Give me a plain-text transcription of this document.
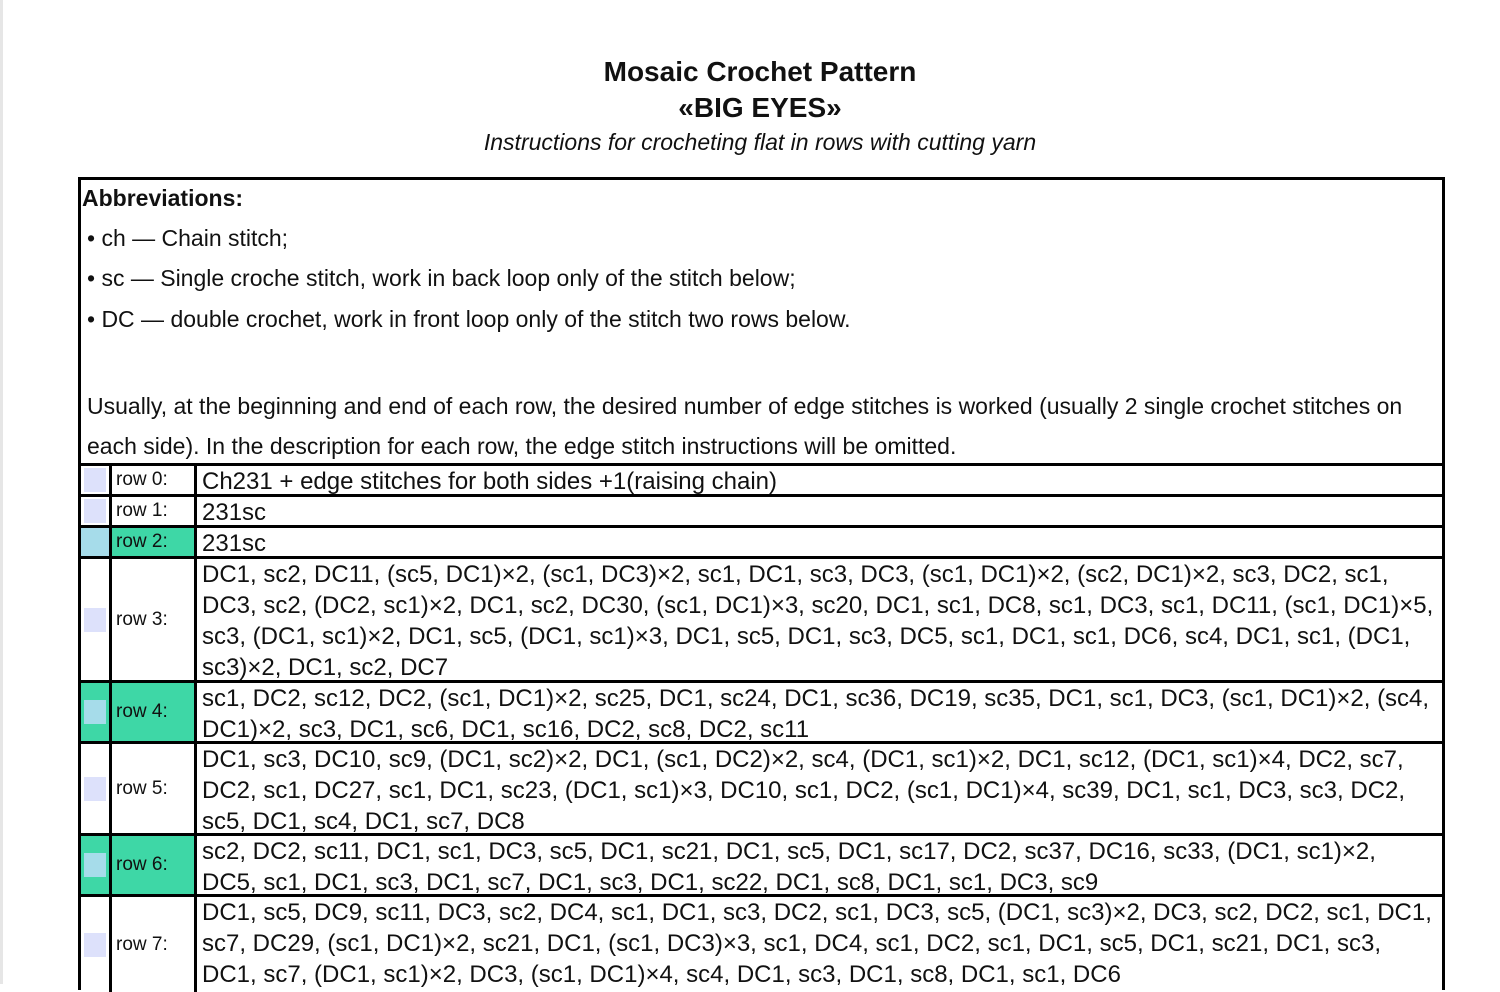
Mosaic Crochet Pattern
«BIG EYES»
Instructions for crocheting flat in rows with cutting yarn
Abbreviations:
• ch — Chain stitch;
• sc — Single croche stitch, work in back loop only of the stitch below;
• DC — double crochet, work in front loop only of the stitch two rows below.
Usually, at the beginning and end of each row, the desired number of edge stitches is worked (usually 2 single crochet stitches on each side). In the description for each row, the edge stitch instructions will be omitted.
row 0:	Ch231 + edge stitches for both sides +1(raising chain)
row 1:	231sc
row 2:	231sc
row 3:
DC1, sc2, DC11, (sc5, DC1)×2, (sc1, DC3)×2, sc1, DC1, sc3, DC3, (sc1, DC1)×2, (sc2, DC1)×2, sc3, DC2, sc1,
DC3, sc2, (DC2, sc1)×2, DC1, sc2, DC30, (sc1, DC1)×3, sc20, DC1, sc1, DC8, sc1, DC3, sc1, DC11, (sc1, DC1)×5,
sc3, (DC1, sc1)×2, DC1, sc5, (DC1, sc1)×3, DC1, sc5, DC1, sc3, DC5, sc1, DC1, sc1, DC6, sc4, DC1, sc1, (DC1,
sc3)×2, DC1, sc2, DC7
row 4:	sc1, DC2, sc12, DC2, (sc1, DC1)×2, sc25, DC1, sc24, DC1, sc36, DC19, sc35, DC1, sc1, DC3, (sc1, DC1)×2, (sc4,
DC1)×2, sc3, DC1, sc6, DC1, sc16, DC2, sc8, DC2, sc11
row 5:
DC1, sc3, DC10, sc9, (DC1, sc2)×2, DC1, (sc1, DC2)×2, sc4, (DC1, sc1)×2, DC1, sc12, (DC1, sc1)×4, DC2, sc7,
DC2, sc1, DC27, sc1, DC1, sc23, (DC1, sc1)×3, DC10, sc1, DC2, (sc1, DC1)×4, sc39, DC1, sc1, DC3, sc3, DC2,
sc5, DC1, sc4, DC1, sc7, DC8
row 6:	sc2, DC2, sc11, DC1, sc1, DC3, sc5, DC1, sc21, DC1, sc5, DC1, sc17, DC2, sc37, DC16, sc33, (DC1, sc1)×2,
DC5, sc1, DC1, sc3, DC1, sc7, DC1, sc3, DC1, sc22, DC1, sc8, DC1, sc1, DC3, sc9
row 7:
DC1, sc5, DC9, sc11, DC3, sc2, DC4, sc1, DC1, sc3, DC2, sc1, DC3, sc5, (DC1, sc3)×2, DC3, sc2, DC2, sc1, DC1,
sc7, DC29, (sc1, DC1)×2, sc21, DC1, (sc1, DC3)×3, sc1, DC4, sc1, DC2, sc1, DC1, sc5, DC1, sc21, DC1, sc3,
DC1, sc7, (DC1, sc1)×2, DC3, (sc1, DC1)×4, sc4, DC1, sc3, DC1, sc8, DC1, sc1, DC6
